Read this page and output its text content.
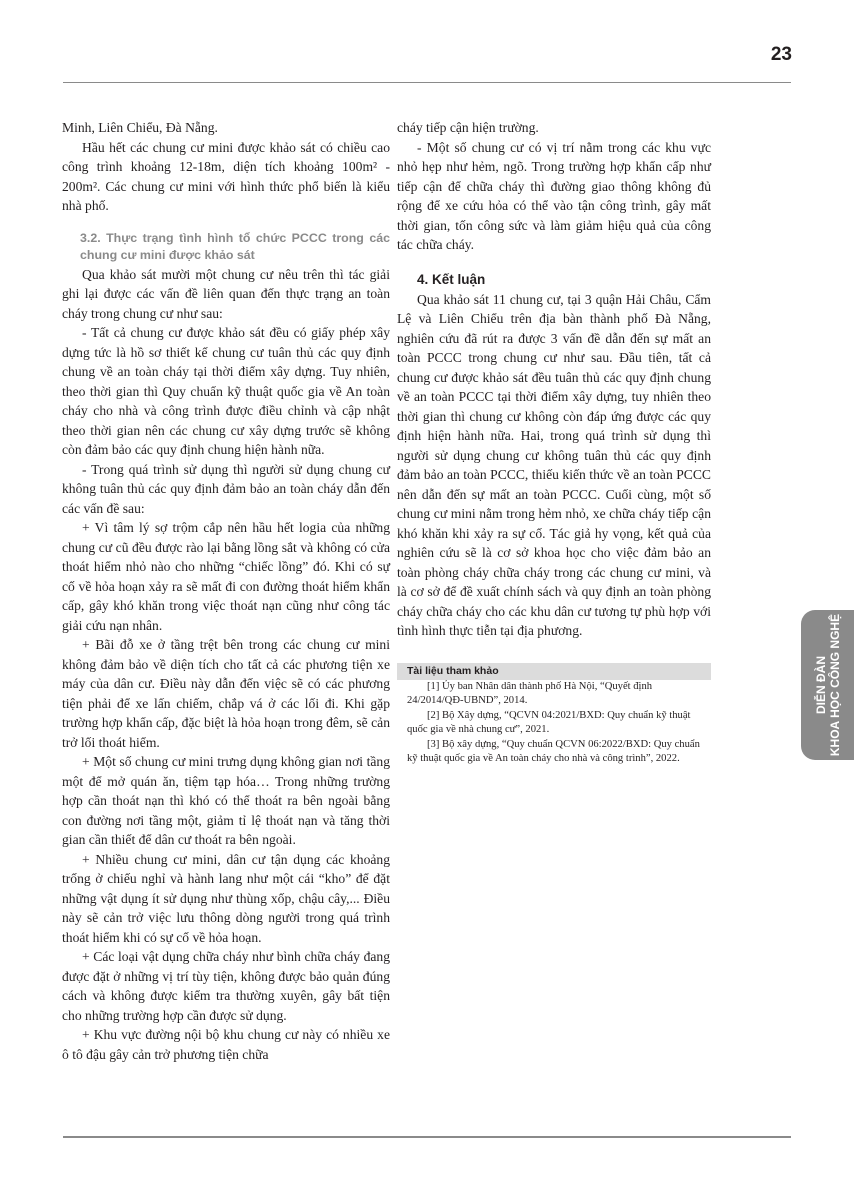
23

Minh, Liên Chiểu, Đà Nẵng.

Hầu hết các chung cư mini được khảo sát có chiều cao công trình khoảng 12-18m, diện tích khoảng 100m² - 200m². Các chung cư mini với hình thức phổ biến là kiểu nhà phố.

3.2. Thực trạng tình hình tổ chức PCCC trong các chung cư mini được khảo sát

Qua khảo sát mười một chung cư nêu trên thì tác giải ghi lại được các vấn đề liên quan đến thực trạng an toàn cháy trong chung cư như sau:

- Tất cả chung cư được khảo sát đều có giấy phép xây dựng tức là hồ sơ thiết kế chung cư tuân thủ các quy định chung về an toàn cháy tại thời điểm xây dựng. Tuy nhiên, theo thời gian thì Quy chuẩn kỹ thuật quốc gia về An toàn cháy cho nhà và công trình được điều chỉnh và cập nhật theo thời gian nên các chung cư xây dựng trước sẽ không còn đảm bảo các quy định chung hiện hành nữa.

- Trong quá trình sử dụng thì người sử dụng chung cư không tuân thủ các quy định đảm bảo an toàn cháy dẫn đến các vấn đề sau:

+ Vì tâm lý sợ trộm cắp nên hầu hết logia của những chung cư cũ đều được rào lại bằng lồng sắt và không có cửa thoát hiểm nhỏ nào cho những “chiếc lồng” đó. Khi có sự cố về hỏa hoạn xảy ra sẽ mất đi con đường thoát hiểm khẩn cấp, gây khó khăn trong việc thoát nạn cũng như công tác giải cứu nạn nhân.

+ Bãi đỗ xe ở tầng trệt bên trong các chung cư mini không đảm bảo về diện tích cho tất cả các phương tiện xe máy của dân cư. Điều này dẫn đến việc sẽ có các phương tiện phải để xe lấn chiếm, chắp vá ở các lối đi. Khi gặp trường hợp khẩn cấp, đặc biệt là hỏa hoạn trong đêm, sẽ cản trở lối thoát hiểm.

+ Một số chung cư mini trưng dụng không gian nơi tầng một để mở quán ăn, tiệm tạp hóa… Trong những trường hợp cần thoát nạn thì khó có thể thoát ra bên ngoài bằng con đường nơi tầng một, giảm tỉ lệ thoát nạn và tăng thời gian cần thiết để dân cư thoát ra bên ngoài.

+ Nhiều chung cư mini, dân cư tận dụng các khoảng trống ở chiếu nghỉ và hành lang như một cái “kho” để đặt những vật dụng ít sử dụng như thùng xốp, chậu cây,... Điều này sẽ cản trở việc lưu thông dòng người trong quá trình thoát hiểm khi có sự cố về hỏa hoạn.

+ Các loại vật dụng chữa cháy như bình chữa cháy đang được đặt ở những vị trí tùy tiện, không được bảo quản đúng cách và không được kiểm tra thường xuyên, gây bất tiện cho những trường hợp cần được sử dụng.

+ Khu vực đường nội bộ khu chung cư này có nhiều xe ô tô đậu gây cản trở phương tiện chữa

cháy tiếp cận hiện trường.

- Một số chung cư có vị trí nằm trong các khu vực nhỏ hẹp như hẻm, ngõ. Trong trường hợp khẩn cấp như tiếp cận để chữa cháy thì đường giao thông không đủ rộng để xe cứu hỏa có thể vào tận công trình, gây mất thời gian, tốn công sức và làm giảm hiệu quả của công tác chữa cháy.

4. Kết luận

Qua khảo sát 11 chung cư, tại 3 quận Hải Châu, Cẩm Lệ và Liên Chiểu trên địa bàn thành phố Đà Nẵng, nghiên cứu đã rút ra được 3 vấn đề dẫn đến sự mất an toàn PCCC trong chung cư như sau. Đầu tiên, tất cả chung cư được khảo sát đều tuân thủ các quy định chung về an toàn PCCC tại thời điểm xây dựng, tuy nhiên theo thời gian thì chung cư không còn đáp ứng được các quy định hiện hành nữa. Hai, trong quá trình sử dụng thì người sử dụng chung cư không tuân thủ các quy định đảm bảo an toàn PCCC, thiếu kiến thức về an toàn PCCC nên dẫn đến sự mất an toàn PCCC. Cuối cùng, một số chung cư mini nằm trong hẻm nhỏ, xe chữa cháy tiếp cận khó khăn khi xảy ra sự cố. Tác giả hy vọng, kết quả của nghiên cứu sẽ là cơ sở khoa học cho việc đảm bảo an toàn phòng cháy chữa cháy trong các chung cư mini, và là cơ sở để đề xuất chính sách và quy định an toàn phòng cháy chữa cháy cho các khu dân cư tương tự phù hợp với tình hình thực tiễn tại địa phương.

Tài liệu tham khảo

[1] Ủy ban Nhân dân thành phố Hà Nội, “Quyết định 24/2014/QĐ-UBND”, 2014.

[2] Bộ Xây dựng, “QCVN 04:2021/BXD: Quy chuẩn kỹ thuật quốc gia về nhà chung cư”, 2021.

[3] Bộ xây dựng, “Quy chuẩn QCVN 06:2022/BXD: Quy chuẩn kỹ thuật quốc gia về An toàn cháy cho nhà và công trình”, 2022.

DIỄN ĐÀN KHOA HỌC CÔNG NGHỆ
